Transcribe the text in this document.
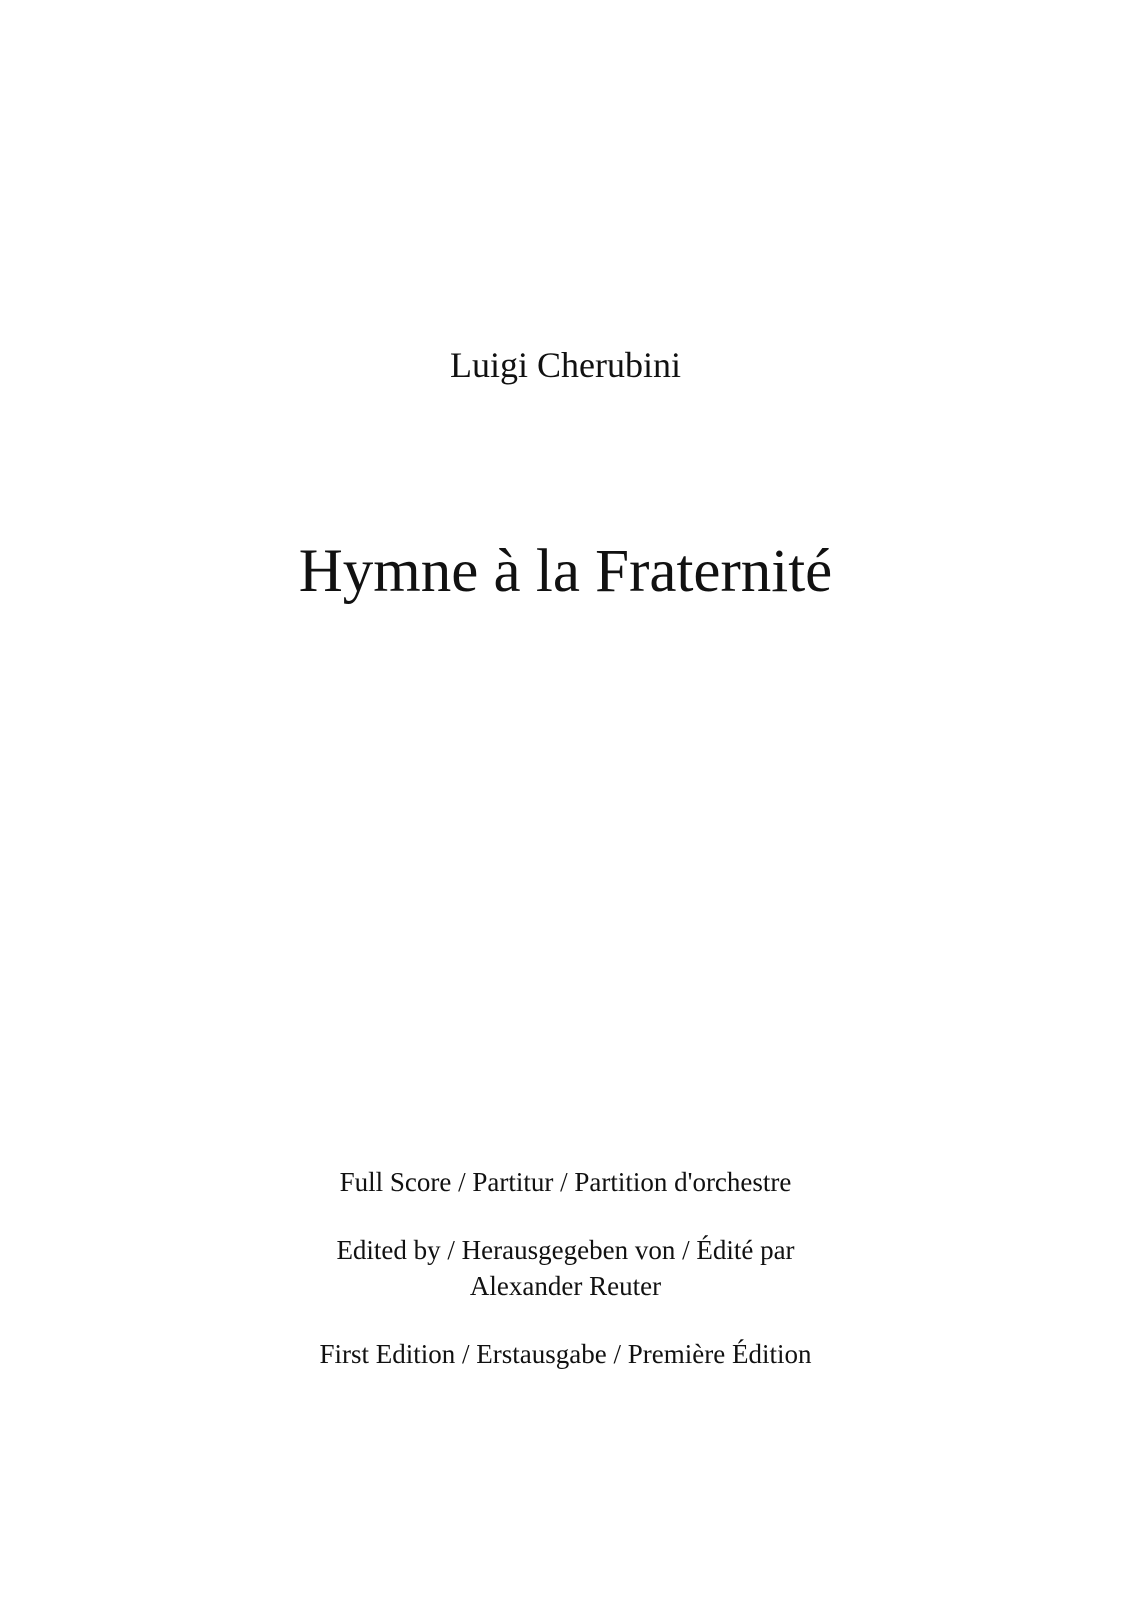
Luigi Cherubini
Hymne à la Fraternité
Full Score / Partitur / Partition d'orchestre
Edited by / Herausgegeben von / Édité par
Alexander Reuter
First Edition / Erstausgabe / Première Édition
